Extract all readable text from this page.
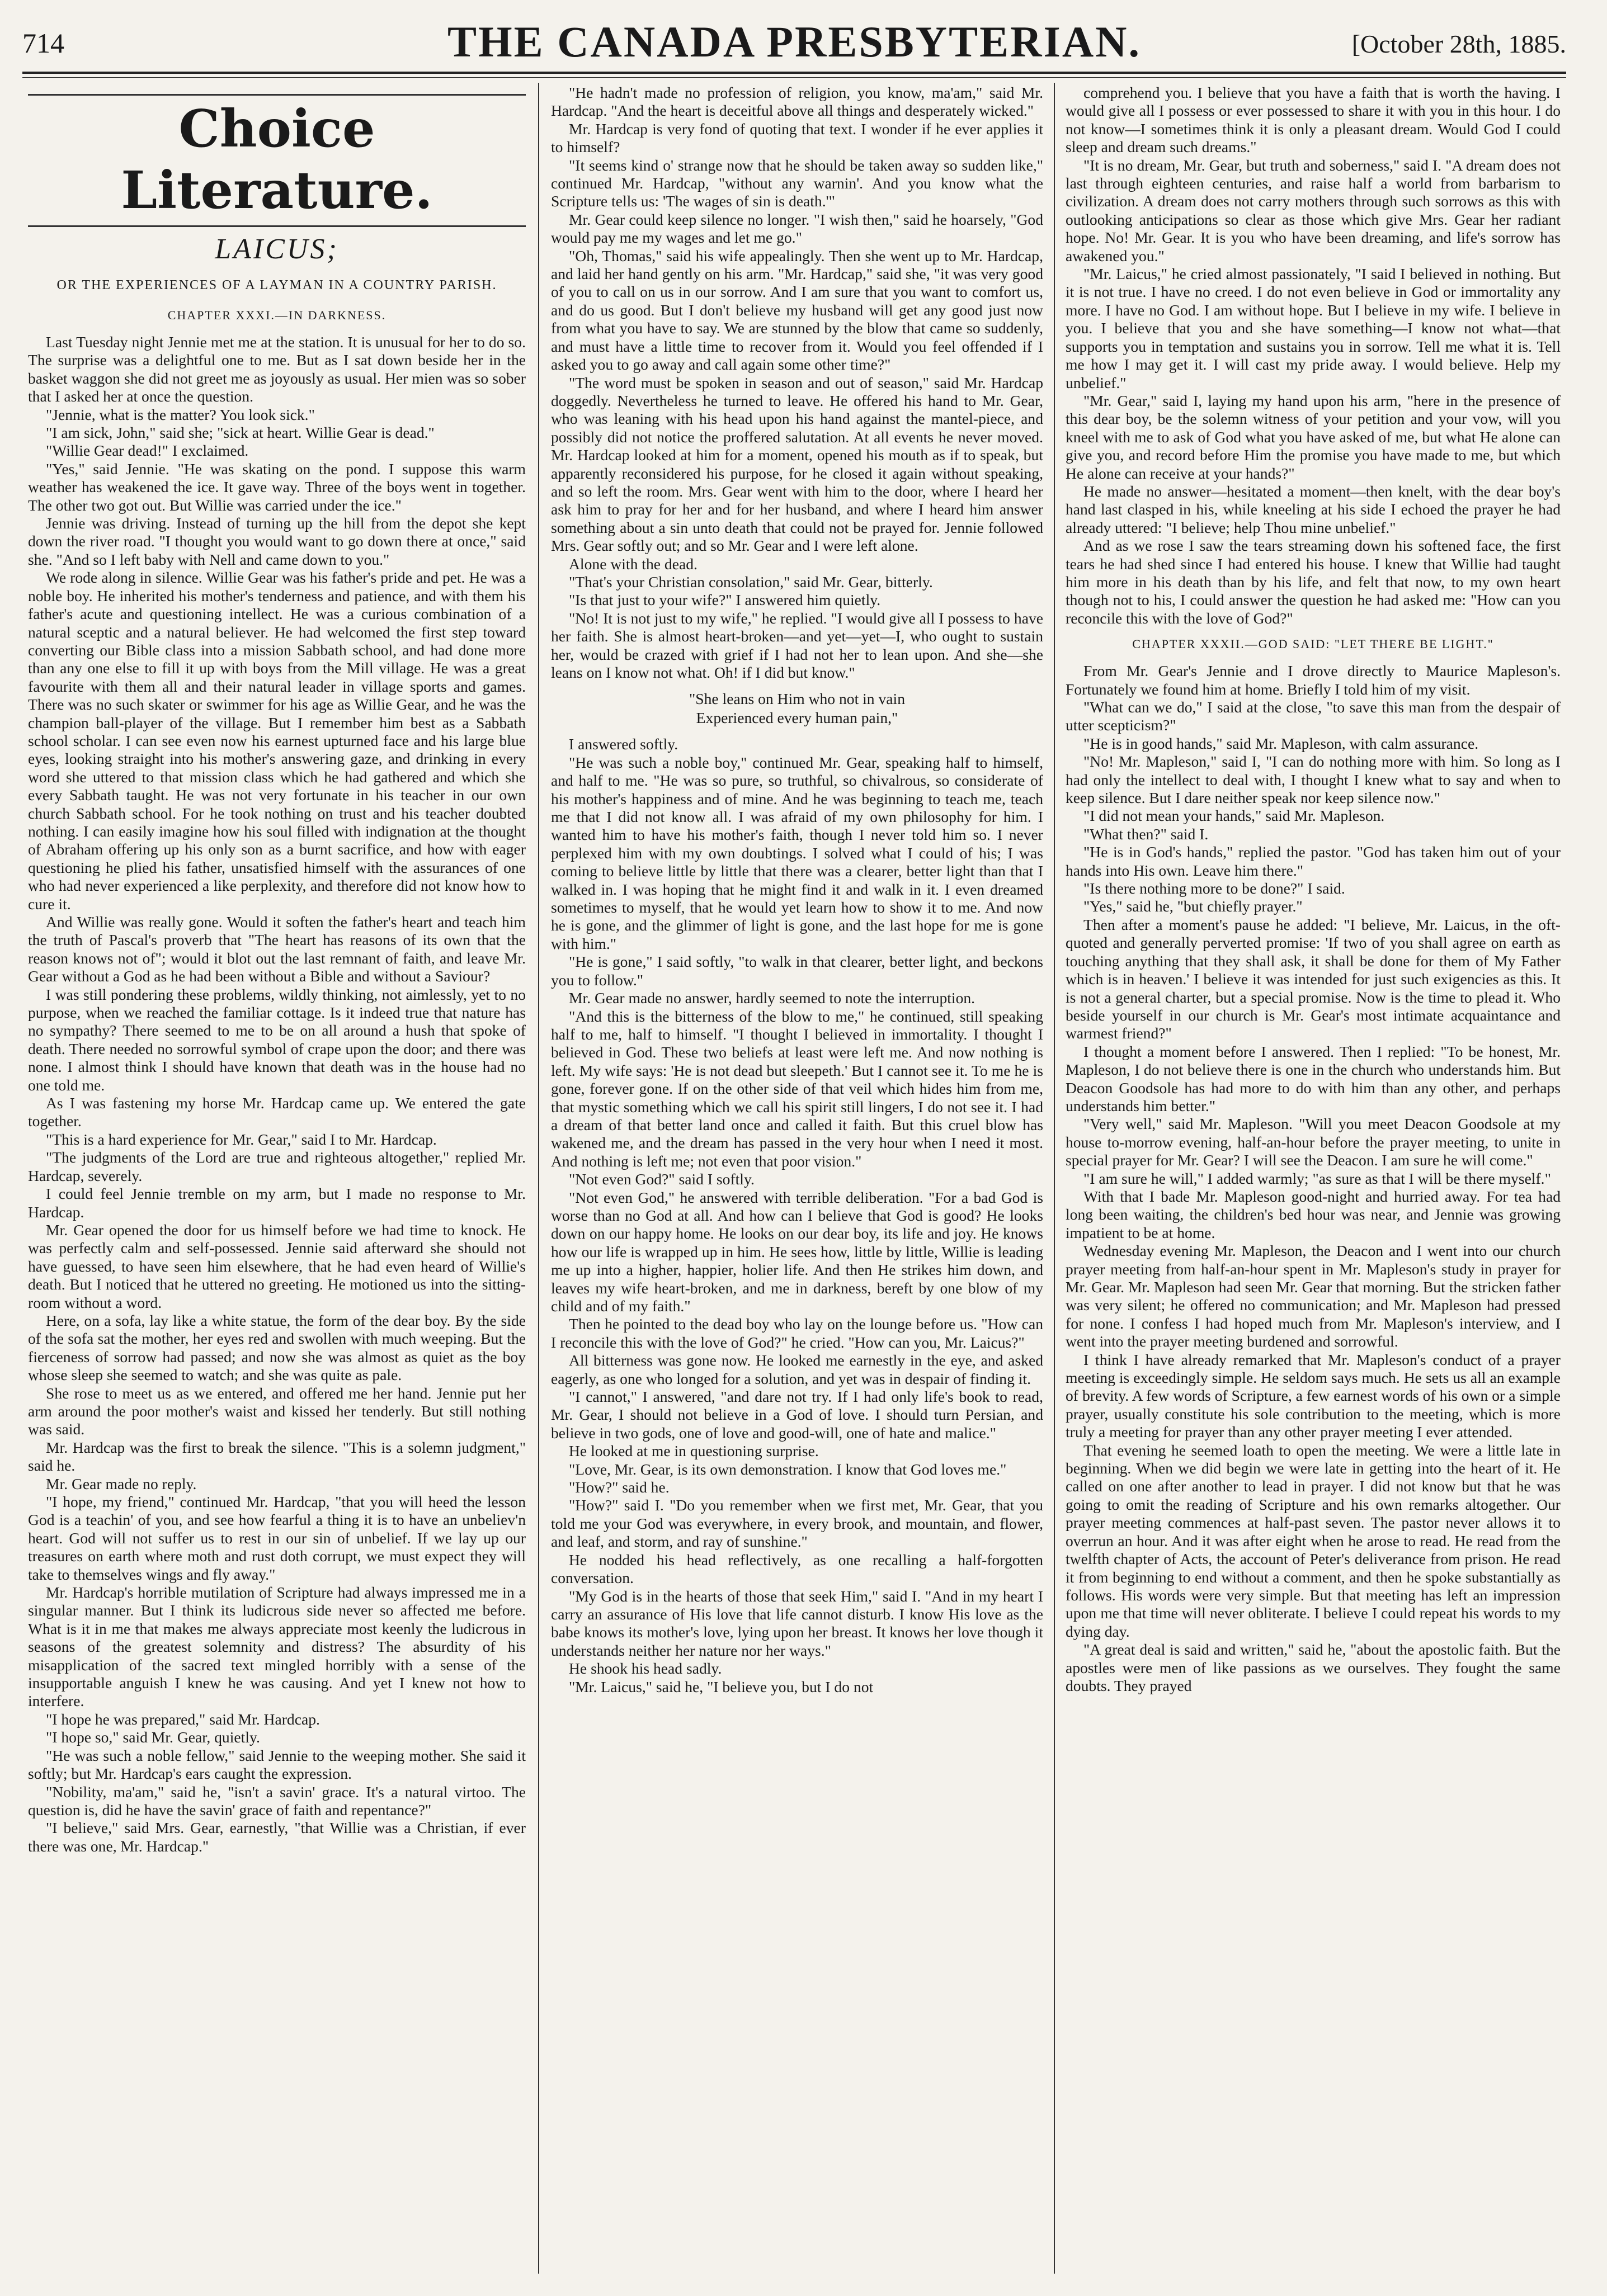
714	THE CANADA PRESBYTERIAN.	[October 28th, 1885.
Choice Literature.
LAICUS;
OR THE EXPERIENCES OF A LAYMAN IN A COUNTRY PARISH.
CHAPTER XXXI.—IN DARKNESS.

Last Tuesday night Jennie met me at the station. It is unusual for her to do so. The surprise was a delightful one to me. But as I sat down beside her in the basket waggon she did not greet me as joyously as usual. Her mien was so sober that I asked her at once the question.

"Jennie, what is the matter? You look sick."

"I am sick, John," said she; "sick at heart. Willie Gear is dead."

"Willie Gear dead!" I exclaimed.

"Yes," said Jennie. "He was skating on the pond. I suppose this warm weather has weakened the ice. It gave way. Three of the boys went in together. The other two got out. But Willie was carried under the ice."

Jennie was driving. Instead of turning up the hill from the depot she kept down the river road. "I thought you would want to go down there at once," said she. "And so I left baby with Nell and came down to you."

We rode along in silence. Willie Gear was his father's pride and pet. He was a noble boy. He inherited his mother's tenderness and patience, and with them his father's acute and questioning intellect. He was a curious combination of a natural sceptic and a natural believer. He had welcomed the first step toward converting our Bible class into a mission Sabbath school, and had done more than any one else to fill it up with boys from the Mill village. He was a great favourite with them all and their natural leader in village sports and games. There was no such skater or swimmer for his age as Willie Gear, and he was the champion ball-player of the village. But I remember him best as a Sabbath school scholar. I can see even now his earnest upturned face and his large blue eyes, looking straight into his mother's answering gaze, and drinking in every word she uttered to that mission class which he had gathered and which she every Sabbath taught. He was not very fortunate in his teacher in our own church Sabbath school. For he took nothing on trust and his teacher doubted nothing. I can easily imagine how his soul filled with indignation at the thought of Abraham offering up his only son as a burnt sacrifice, and how with eager questioning he plied his father, unsatisfied himself with the assurances of one who had never experienced a like perplexity, and therefore did not know how to cure it.

And Willie was really gone. Would it soften the father's heart and teach him the truth of Pascal's proverb that "The heart has reasons of its own that the reason knows not of"; would it blot out the last remnant of faith, and leave Mr. Gear without a God as he had been without a Bible and without a Saviour?

I was still pondering these problems, wildly thinking, not aimlessly, yet to no purpose, when we reached the familiar cottage. Is it indeed true that nature has no sympathy? There seemed to me to be on all around a hush that spoke of death. There needed no sorrowful symbol of crape upon the door; and there was none. I almost think I should have known that death was in the house had no one told me.

As I was fastening my horse Mr. Hardcap came up. We entered the gate together.

"This is a hard experience for Mr. Gear," said I to Mr. Hardcap.

"The judgments of the Lord are true and righteous altogether," replied Mr. Hardcap, severely.

I could feel Jennie tremble on my arm, but I made no response to Mr. Hardcap.

Mr. Gear opened the door for us himself before we had time to knock. He was perfectly calm and self-possessed. Jennie said afterward she should not have guessed, to have seen him elsewhere, that he had even heard of Willie's death. But I noticed that he uttered no greeting. He motioned us into the sitting-room without a word.

Here, on a sofa, lay like a white statue, the form of the dear boy. By the side of the sofa sat the mother, her eyes red and swollen with much weeping. But the fierceness of sorrow had passed; and now she was almost as quiet as the boy whose sleep she seemed to watch; and she was quite as pale.

She rose to meet us as we entered, and offered me her hand. Jennie put her arm around the poor mother's waist and kissed her tenderly. But still nothing was said.

Mr. Hardcap was the first to break the silence. "This is a solemn judgment," said he.

Mr. Gear made no reply.

"I hope, my friend," continued Mr. Hardcap, "that you will heed the lesson God is a teachin' of you, and see how fearful a thing it is to have an unbeliev'n heart. God will not suffer us to rest in our sin of unbelief. If we lay up our treasures on earth where moth and rust doth corrupt, we must expect they will take to themselves wings and fly away."

Mr. Hardcap's horrible mutilation of Scripture had always impressed me in a singular manner. But I think its ludicrous side never so affected me before. What is it in me that makes me always appreciate most keenly the ludicrous in seasons of the greatest solemnity and distress? The absurdity of his misapplication of the sacred text mingled horribly with a sense of the insupportable anguish I knew he was causing. And yet I knew not how to interfere.

"I hope he was prepared," said Mr. Hardcap.

"I hope so," said Mr. Gear, quietly.

"He was such a noble fellow," said Jennie to the weeping mother. She said it softly; but Mr. Hardcap's ears caught the expression.

"Nobility, ma'am," said he, "isn't a savin' grace. It's a natural virtoo. The question is, did he have the savin' grace of faith and repentance?"

"I believe," said Mrs. Gear, earnestly, "that Willie was a Christian, if ever there was one, Mr. Hardcap."

"He hadn't made no profession of religion, you know, ma'am," said Mr. Hardcap. "And the heart is deceitful above all things and desperately wicked."

Mr. Hardcap is very fond of quoting that text. I wonder if he ever applies it to himself?

"It seems kind o' strange now that he should be taken away so sudden like," continued Mr. Hardcap, "without any warnin'. And you know what the Scripture tells us: 'The wages of sin is death.'"

Mr. Gear could keep silence no longer. "I wish then," said he hoarsely, "God would pay me my wages and let me go."

"Oh, Thomas," said his wife appealingly. Then she went up to Mr. Hardcap, and laid her hand gently on his arm. "Mr. Hardcap," said she, "it was very good of you to call on us in our sorrow. And I am sure that you want to comfort us, and do us good. But I don't believe my husband will get any good just now from what you have to say. We are stunned by the blow that came so suddenly, and must have a little time to recover from it. Would you feel offended if I asked you to go away and call again some other time?"

"The word must be spoken in season and out of season," said Mr. Hardcap doggedly. Nevertheless he turned to leave. He offered his hand to Mr. Gear, who was leaning with his head upon his hand against the mantel-piece, and possibly did not notice the proffered salutation. At all events he never moved. Mr. Hardcap looked at him for a moment, opened his mouth as if to speak, but apparently reconsidered his purpose, for he closed it again without speaking, and so left the room. Mrs. Gear went with him to the door, where I heard her ask him to pray for her and for her husband, and where I heard him answer something about a sin unto death that could not be prayed for. Jennie followed Mrs. Gear softly out; and so Mr. Gear and I were left alone.

Alone with the dead.

"That's your Christian consolation," said Mr. Gear, bitterly.

"Is that just to your wife?" I answered him quietly.

"No! It is not just to my wife," he replied. "I would give all I possess to have her faith. She is almost heart-broken—and yet—yet—I, who ought to sustain her, would be crazed with grief if I had not her to lean upon. And she—she leans on I know not what. Oh! if I did but know."

"She leans on Him who not in vain
Experienced every human pain,"

I answered softly.

"He was such a noble boy," continued Mr. Gear, speaking half to himself, and half to me. "He was so pure, so truthful, so chivalrous, so considerate of his mother's happiness and of mine. And he was beginning to teach me, teach me that I did not know all. I was afraid of my own philosophy for him. I wanted him to have his mother's faith, though I never told him so. I never perplexed him with my own doubtings. I solved what I could of his; I was coming to believe little by little that there was a clearer, better light than that I walked in. I was hoping that he might find it and walk in it. I even dreamed sometimes to myself, that he would yet learn how to show it to me. And now he is gone, and the glimmer of light is gone, and the last hope for me is gone with him."

"He is gone," I said softly, "to walk in that clearer, better light, and beckons you to follow."

Mr. Gear made no answer, hardly seemed to note the interruption.

"And this is the bitterness of the blow to me," he continued, still speaking half to me, half to himself. "I thought I believed in immortality. I thought I believed in God. These two beliefs at least were left me. And now nothing is left. My wife says: 'He is not dead but sleepeth.' But I cannot see it. To me he is gone, forever gone. If on the other side of that veil which hides him from me, that mystic something which we call his spirit still lingers, I do not see it. I had a dream of that better land once and called it faith. But this cruel blow has wakened me, and the dream has passed in the very hour when I need it most. And nothing is left me; not even that poor vision."

"Not even God?" said I softly.

"Not even God," he answered with terrible deliberation. "For a bad God is worse than no God at all. And how can I believe that God is good? He looks down on our happy home. He looks on our dear boy, its life and joy. He knows how our life is wrapped up in him. He sees how, little by little, Willie is leading me up into a higher, happier, holier life. And then He strikes him down, and leaves my wife heart-broken, and me in darkness, bereft by one blow of my child and of my faith."

Then he pointed to the dead boy who lay on the lounge before us. "How can I reconcile this with the love of God?" he cried. "How can you, Mr. Laicus?"

All bitterness was gone now. He looked me earnestly in the eye, and asked eagerly, as one who longed for a solution, and yet was in despair of finding it.

"I cannot," I answered, "and dare not try. If I had only life's book to read, Mr. Gear, I should not believe in a God of love. I should turn Persian, and believe in two gods, one of love and good-will, one of hate and malice."

He looked at me in questioning surprise.

"Love, Mr. Gear, is its own demonstration. I know that God loves me."

"How?" said he.

"How?" said I. "Do you remember when we first met, Mr. Gear, that you told me your God was everywhere, in every brook, and mountain, and flower, and leaf, and storm, and ray of sunshine."

He nodded his head reflectively, as one recalling a half-forgotten conversation.

"My God is in the hearts of those that seek Him," said I. "And in my heart I carry an assurance of His love that life cannot disturb. I know His love as the babe knows its mother's love, lying upon her breast. It knows her love though it understands neither her nature nor her ways."

He shook his head sadly.

"Mr. Laicus," said he, "I believe you, but I do not

comprehend you. I believe that you have a faith that is worth the having. I would give all I possess or ever possessed to share it with you in this hour. I do not know—I sometimes think it is only a pleasant dream. Would God I could sleep and dream such dreams."

"It is no dream, Mr. Gear, but truth and soberness," said I. "A dream does not last through eighteen centuries, and raise half a world from barbarism to civilization. A dream does not carry mothers through such sorrows as this with outlooking anticipations so clear as those which give Mrs. Gear her radiant hope. No! Mr. Gear. It is you who have been dreaming, and life's sorrow has awakened you."

"Mr. Laicus," he cried almost passionately, "I said I believed in nothing. But it is not true. I have no creed. I do not even believe in God or immortality any more. I have no God. I am without hope. But I believe in my wife. I believe in you. I believe that you and she have something—I know not what—that supports you in temptation and sustains you in sorrow. Tell me what it is. Tell me how I may get it. I will cast my pride away. I would believe. Help my unbelief."

"Mr. Gear," said I, laying my hand upon his arm, "here in the presence of this dear boy, be the solemn witness of your petition and your vow, will you kneel with me to ask of God what you have asked of me, but what He alone can give you, and record before Him the promise you have made to me, but which He alone can receive at your hands?"

He made no answer—hesitated a moment—then knelt, with the dear boy's hand last clasped in his, while kneeling at his side I echoed the prayer he had already uttered: "I believe; help Thou mine unbelief."

And as we rose I saw the tears streaming down his softened face, the first tears he had shed since I had entered his house. I knew that Willie had taught him more in his death than by his life, and felt that now, to my own heart though not to his, I could answer the question he had asked me: "How can you reconcile this with the love of God?"

CHAPTER XXXII.—GOD SAID: "LET THERE BE LIGHT."

From Mr. Gear's Jennie and I drove directly to Maurice Mapleson's. Fortunately we found him at home. Briefly I told him of my visit.

"What can we do," I said at the close, "to save this man from the despair of utter scepticism?"

"He is in good hands," said Mr. Mapleson, with calm assurance.

"No! Mr. Mapleson," said I, "I can do nothing more with him. So long as I had only the intellect to deal with, I thought I knew what to say and when to keep silence. But I dare neither speak nor keep silence now."

"I did not mean your hands," said Mr. Mapleson.

"What then?" said I.

"He is in God's hands," replied the pastor. "God has taken him out of your hands into His own. Leave him there."

"Is there nothing more to be done?" I said.

"Yes," said he, "but chiefly prayer."

Then after a moment's pause he added: "I believe, Mr. Laicus, in the oft-quoted and generally perverted promise: 'If two of you shall agree on earth as touching anything that they shall ask, it shall be done for them of My Father which is in heaven.' I believe it was intended for just such exigencies as this. It is not a general charter, but a special promise. Now is the time to plead it. Who beside yourself in our church is Mr. Gear's most intimate acquaintance and warmest friend?"

I thought a moment before I answered. Then I replied: "To be honest, Mr. Mapleson, I do not believe there is one in the church who understands him. But Deacon Goodsole has had more to do with him than any other, and perhaps understands him better."

"Very well," said Mr. Mapleson. "Will you meet Deacon Goodsole at my house to-morrow evening, half-an-hour before the prayer meeting, to unite in special prayer for Mr. Gear? I will see the Deacon. I am sure he will come."

"I am sure he will," I added warmly; "as sure as that I will be there myself."

With that I bade Mr. Mapleson good-night and hurried away. For tea had long been waiting, the children's bed hour was near, and Jennie was growing impatient to be at home.

Wednesday evening Mr. Mapleson, the Deacon and I went into our church prayer meeting from half-an-hour spent in Mr. Mapleson's study in prayer for Mr. Gear. Mr. Mapleson had seen Mr. Gear that morning. But the stricken father was very silent; he offered no communication; and Mr. Mapleson had pressed for none. I confess I had hoped much from Mr. Mapleson's interview, and I went into the prayer meeting burdened and sorrowful.

I think I have already remarked that Mr. Mapleson's conduct of a prayer meeting is exceedingly simple. He seldom says much. He sets us all an example of brevity. A few words of Scripture, a few earnest words of his own or a simple prayer, usually constitute his sole contribution to the meeting, which is more truly a meeting for prayer than any other prayer meeting I ever attended.

That evening he seemed loath to open the meeting. We were a little late in beginning. When we did begin we were late in getting into the heart of it. He called on one after another to lead in prayer. I did not know but that he was going to omit the reading of Scripture and his own remarks altogether. Our prayer meeting commences at half-past seven. The pastor never allows it to overrun an hour. And it was after eight when he arose to read. He read from the twelfth chapter of Acts, the account of Peter's deliverance from prison. He read it from beginning to end without a comment, and then he spoke substantially as follows. His words were very simple. But that meeting has left an impression upon me that time will never obliterate. I believe I could repeat his words to my dying day.

"A great deal is said and written," said he, "about the apostolic faith. But the apostles were men of like passions as we ourselves. They fought the same doubts. They prayed
